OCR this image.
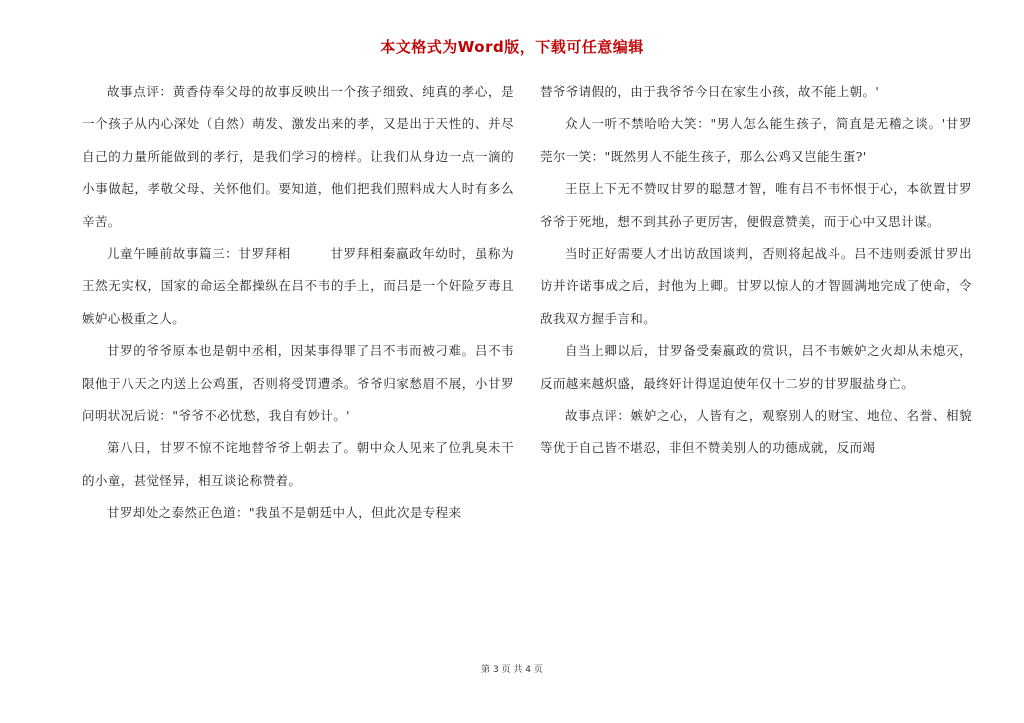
本文格式为Word版，下载可任意编辑

故事点评：黄香侍奉父母的故事反映出一个孩子细致、纯真的孝心，是一个孩子从内心深处（自然）萌发、激发出来的孝，又是出于天性的、并尽自己的力量所能做到的孝行，是我们学习的榜样。让我们从身边一点一滴的小事做起，孝敬父母、关怀他们。要知道，他们把我们照料成大人时有多么辛苦。

儿童午睡前故事篇三：甘罗拜相　　　甘罗拜相秦嬴政年幼时，虽称为王然无实权，国家的命运全都操纵在吕不韦的手上，而吕是一个奸险歹毒且嫉妒心极重之人。

甘罗的爷爷原本也是朝中丞相，因某事得罪了吕不韦而被刁难。吕不韦限他于八天之内送上公鸡蛋，否则将受罚遭杀。爷爷归家愁眉不展，小甘罗问明状况后说："爷爷不必忧愁，我自有妙计。'

第八日，甘罗不惊不诧地替爷爷上朝去了。朝中众人见来了位乳臭未干的小童，甚觉怪异，相互谈论称赞着。

甘罗却处之泰然正色道："我虽不是朝廷中人，但此次是专程来

替爷爷请假的，由于我爷爷今日在家生小孩，故不能上朝。'

众人一听不禁哈哈大笑："男人怎么能生孩子，简直是无稽之谈。'甘罗莞尔一笑："既然男人不能生孩子，那么公鸡又岂能生蛋?'

王臣上下无不赞叹甘罗的聪慧才智，唯有吕不韦怀恨于心，本欲置甘罗爷爷于死地，想不到其孙子更厉害，便假意赞美，而于心中又思计谋。

当时正好需要人才出访敌国谈判，否则将起战斗。吕不违则委派甘罗出访并许诺事成之后，封他为上卿。甘罗以惊人的才智圆满地完成了使命，令敌我双方握手言和。

自当上卿以后，甘罗备受秦嬴政的赏识，吕不韦嫉妒之火却从未熄灭，反而越来越炽盛，最终奸计得逞迫使年仅十二岁的甘罗服盐身亡。

故事点评：嫉妒之心，人皆有之，观察别人的财宝、地位、名誉、相貌等优于自己皆不堪忍，非但不赞美别人的功德成就，反而竭

第 3 页 共 4 页
